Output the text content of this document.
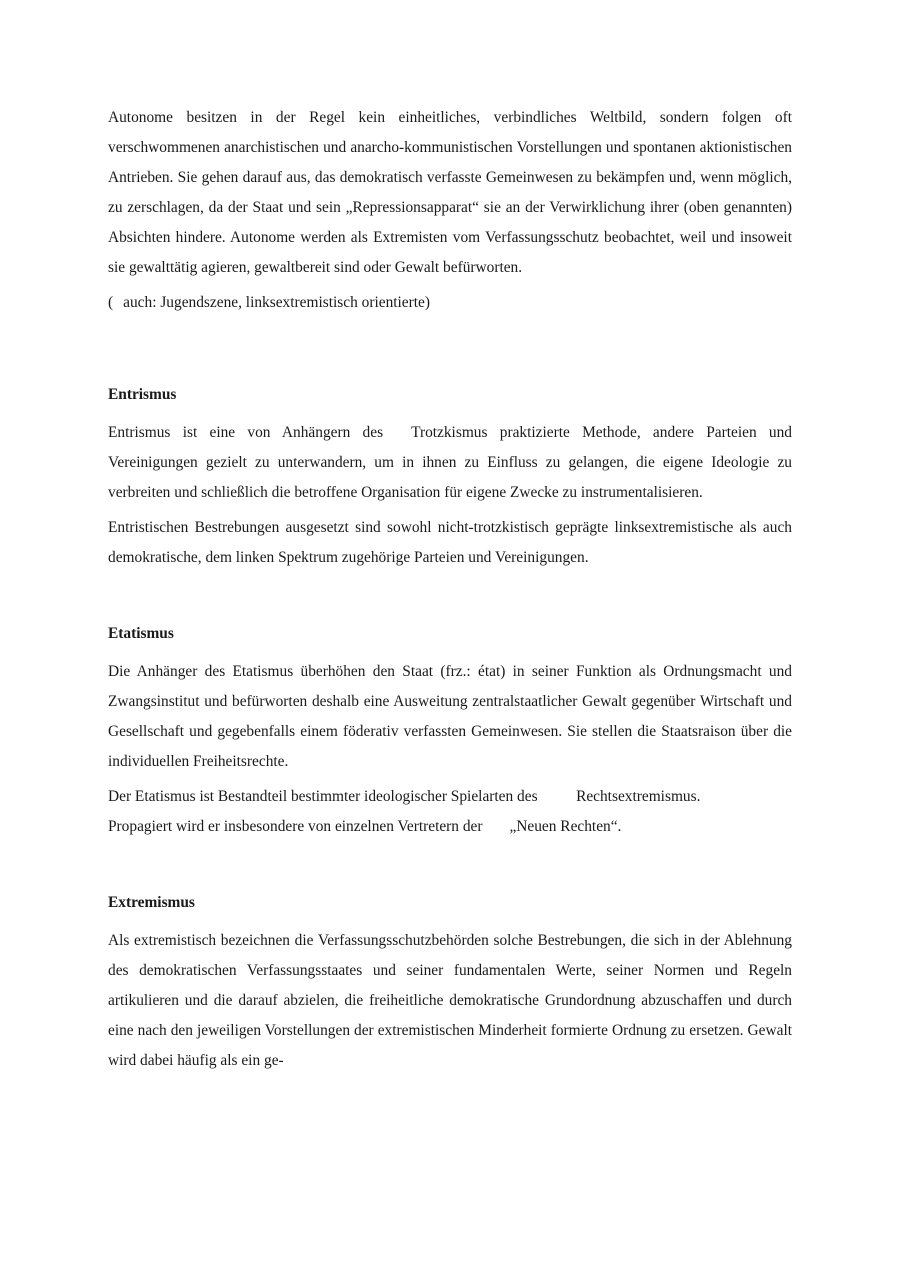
Autonome besitzen in der Regel kein einheitliches, verbindliches Weltbild, sondern folgen oft verschwommenen anarchistischen und anarcho-kommunistischen Vorstellungen und spontanen aktionistischen Antrieben. Sie gehen darauf aus, das demokratisch verfasste Gemeinwesen zu bekämpfen und, wenn möglich, zu zerschlagen, da der Staat und sein „Repressionsapparat“ sie an der Verwirklichung ihrer (oben genannten) Absichten hindere. Autonome werden als Extremisten vom Verfassungsschutz beobachtet, weil und insoweit sie gewalttätig agieren, gewaltbereit sind oder Gewalt befürworten.

( auch: Jugendszene, linksextremistisch orientierte)

Entrismus

Entrismus ist eine von Anhängern des Trotzkismus praktizierte Methode, andere Parteien und Vereinigungen gezielt zu unterwandern, um in ihnen zu Einfluss zu gelangen, die eigene Ideologie zu verbreiten und schließlich die betroffene Organisation für eigene Zwecke zu instrumentalisieren.

Entristischen Bestrebungen ausgesetzt sind sowohl nicht-trotzkistisch geprägte linksextremistische als auch demokratische, dem linken Spektrum zugehörige Parteien und Vereinigungen.

Etatismus

Die Anhänger des Etatismus überhöhen den Staat (frz.: état) in seiner Funktion als Ordnungsmacht und Zwangsinstitut und befürworten deshalb eine Ausweitung zentralstaatlicher Gewalt gegenüber Wirtschaft und Gesellschaft und gegebenfalls einem föderativ verfassten Gemeinwesen. Sie stellen die Staatsraison über die individuellen Freiheitsrechte.

Der Etatismus ist Bestandteil bestimmter ideologischer Spielarten des Rechtsextremismus.

Propagiert wird er insbesondere von einzelnen Vertretern der „Neuen Rechten“.

Extremismus

Als extremistisch bezeichnen die Verfassungsschutzbehörden solche Bestrebungen, die sich in der Ablehnung des demokratischen Verfassungsstaates und seiner fundamentalen Werte, seiner Normen und Regeln artikulieren und die darauf abzielen, die freiheitliche demokratische Grundordnung abzuschaffen und durch eine nach den jeweiligen Vorstellungen der extremistischen Minderheit formierte Ordnung zu ersetzen. Gewalt wird dabei häufig als ein ge-
